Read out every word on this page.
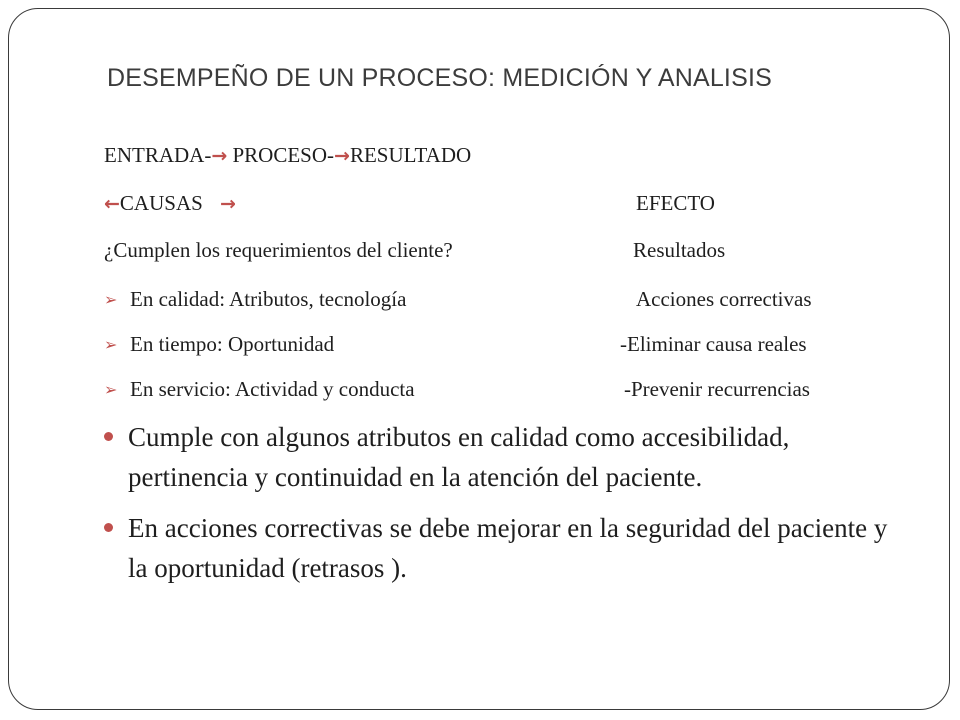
DESEMPEÑO DE UN PROCESO: MEDICIÓN Y ANALISIS
ENTRADA-→ PROCESO-→RESULTADO
←CAUSAS →	EFECTO
¿Cumplen los requerimientos del cliente?	Resultados
➢ En calidad: Atributos, tecnología	Acciones correctivas
➢ En tiempo: Oportunidad	-Eliminar causa reales
➢ En servicio: Actividad y conducta	-Prevenir recurrencias
Cumple con algunos atributos en calidad como accesibilidad, pertinencia y continuidad en la atención del paciente.
En acciones correctivas se debe mejorar en la seguridad del paciente y la oportunidad (retrasos ).
